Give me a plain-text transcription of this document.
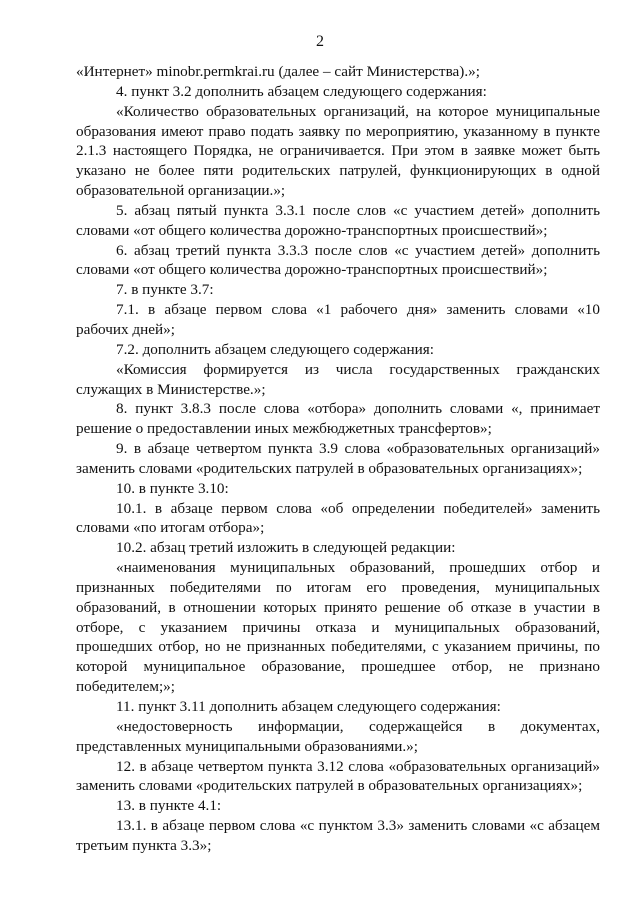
2

«Интернет» minobr.permkrai.ru (далее – сайт Министерства).»;

4. пункт 3.2 дополнить абзацем следующего содержания:

«Количество образовательных организаций, на которое муниципальные образования имеют право подать заявку по мероприятию, указанному в пункте 2.1.3 настоящего Порядка, не ограничивается. При этом в заявке может быть указано не более пяти родительских патрулей, функционирующих в одной образовательной организации.»;

5. абзац пятый пункта 3.3.1 после слов «с участием детей» дополнить словами «от общего количества дорожно-транспортных происшествий»;

6. абзац третий пункта 3.3.3 после слов «с участием детей» дополнить словами «от общего количества дорожно-транспортных происшествий»;

7. в пункте 3.7:

7.1. в абзаце первом слова «1 рабочего дня» заменить словами «10 рабочих дней»;

7.2. дополнить абзацем следующего содержания:

«Комиссия формируется из числа государственных гражданских служащих в Министерстве.»;

8. пункт 3.8.3 после слова «отбора» дополнить словами «, принимает решение о предоставлении иных межбюджетных трансфертов»;

9. в абзаце четвертом пункта 3.9 слова «образовательных организаций» заменить словами «родительских патрулей в образовательных организациях»;

10. в пункте 3.10:

10.1. в абзаце первом слова «об определении победителей» заменить словами «по итогам отбора»;

10.2. абзац третий изложить в следующей редакции:

«наименования муниципальных образований, прошедших отбор и признанных победителями по итогам его проведения, муниципальных образований, в отношении которых принято решение об отказе в участии в отборе, с указанием причины отказа и муниципальных образований, прошедших отбор, но не признанных победителями, с указанием причины, по которой муниципальное образование, прошедшее отбор, не признано победителем;»;

11. пункт 3.11 дополнить абзацем следующего содержания:

«недостоверность информации, содержащейся в документах, представленных муниципальными образованиями.»;

12. в абзаце четвертом пункта 3.12 слова «образовательных организаций» заменить словами «родительских патрулей в образовательных организациях»;

13. в пункте 4.1:

13.1. в абзаце первом слова «с пунктом 3.3» заменить словами «с абзацем третьим пункта 3.3»;
